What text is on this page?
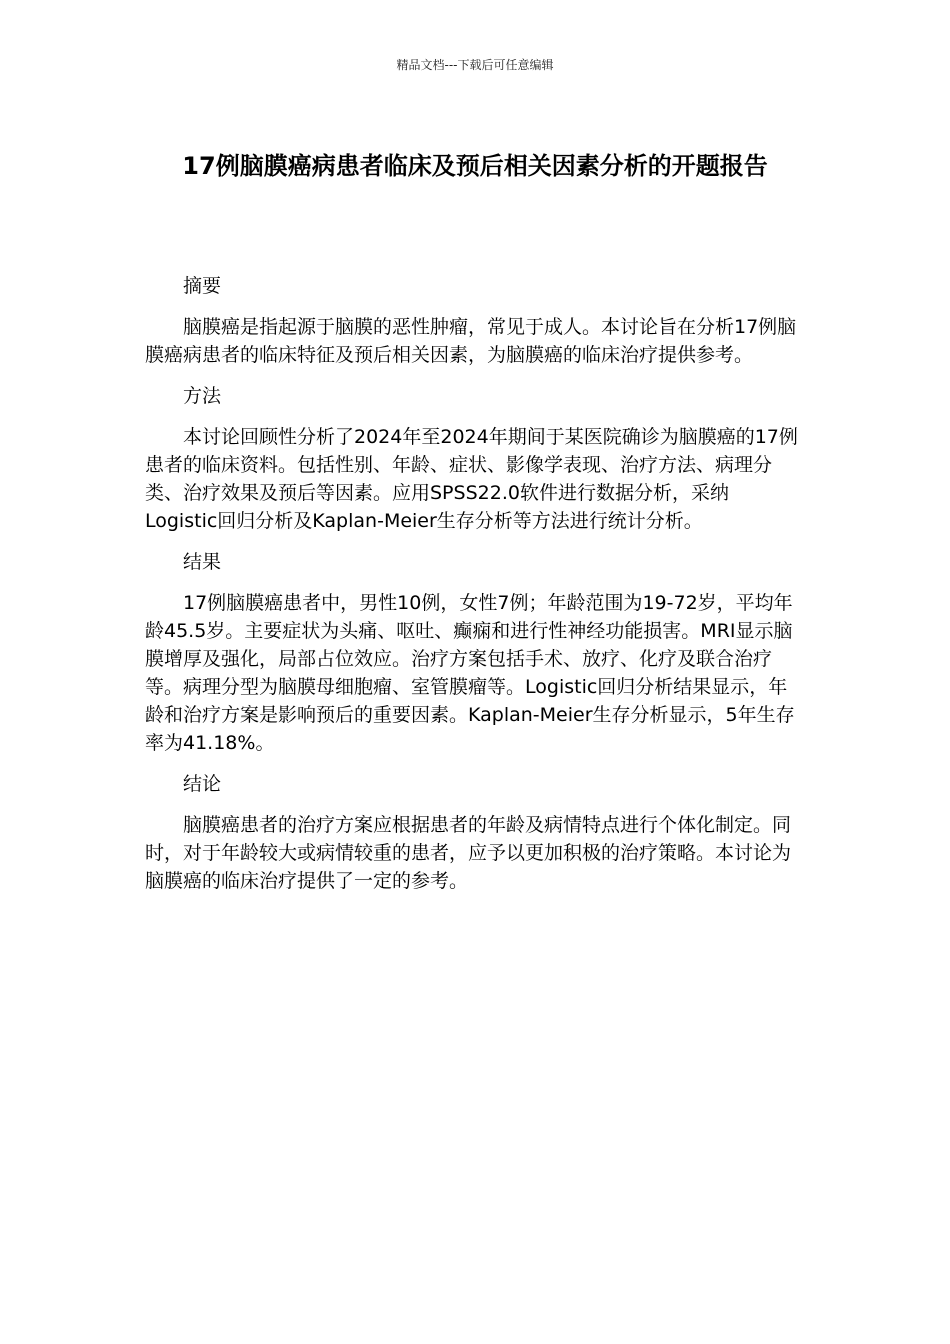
精品文档---下载后可任意编辑
17例脑膜癌病患者临床及预后相关因素分析的开题报告

摘要

脑膜癌是指起源于脑膜的恶性肿瘤，常见于成人。本讨论旨在分析17例脑膜癌病患者的临床特征及预后相关因素，为脑膜癌的临床治疗提供参考。

方法

本讨论回顾性分析了2024年至2024年期间于某医院确诊为脑膜癌的17例患者的临床资料。包括性别、年龄、症状、影像学表现、治疗方法、病理分类、治疗效果及预后等因素。应用SPSS22.0软件进行数据分析，采纳Logistic回归分析及Kaplan-Meier生存分析等方法进行统计分析。

结果

17例脑膜癌患者中，男性10例，女性7例；年龄范围为19-72岁，平均年龄45.5岁。主要症状为头痛、呕吐、癫痫和进行性神经功能损害。MRI显示脑膜增厚及强化，局部占位效应。治疗方案包括手术、放疗、化疗及联合治疗等。病理分型为脑膜母细胞瘤、室管膜瘤等。Logistic回归分析结果显示，年龄和治疗方案是影响预后的重要因素。Kaplan-Meier生存分析显示，5年生存率为41.18%。

结论

脑膜癌患者的治疗方案应根据患者的年龄及病情特点进行个体化制定。同时，对于年龄较大或病情较重的患者，应予以更加积极的治疗策略。本讨论为脑膜癌的临床治疗提供了一定的参考。
